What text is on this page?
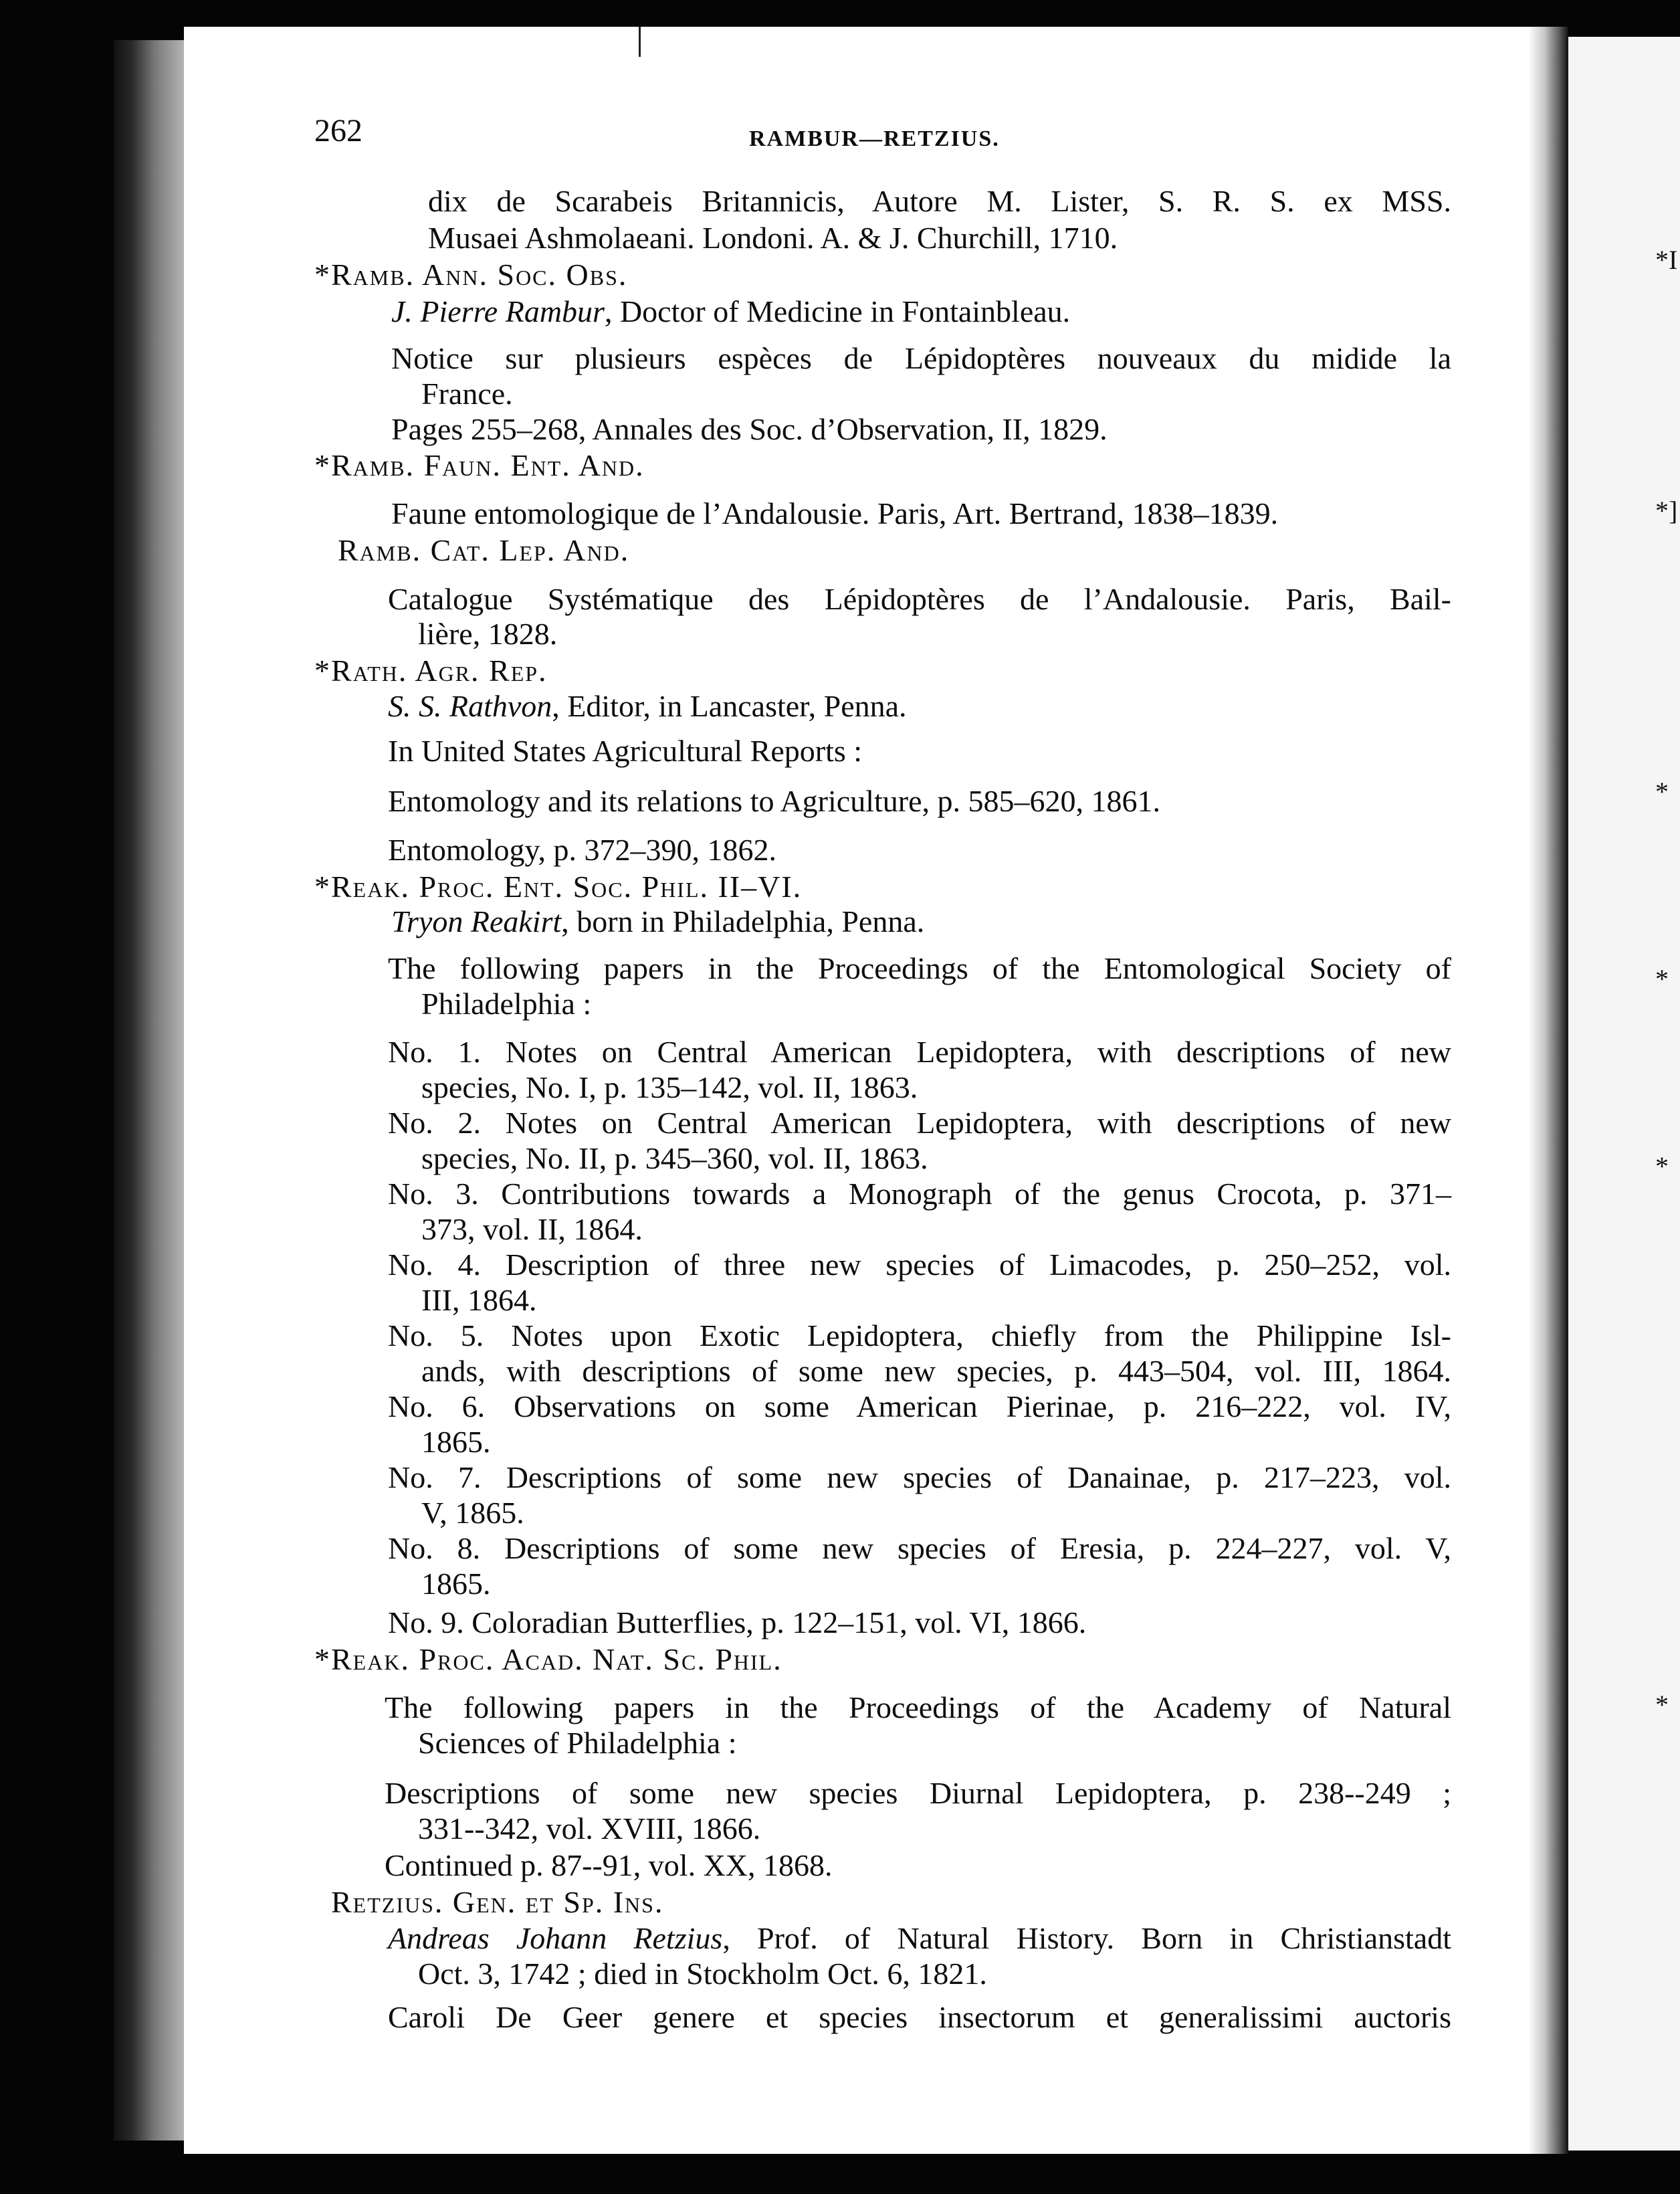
*I
*]
*
*
*
*
262	RAMBUR—RETZIUS.
dix de Scarabeis Britannicis, Autore M. Lister, S. R. S. ex MSS.
Musaei Ashmolaeani. Londoni. A. & J. Churchill, 1710.
*Ramb. Ann. Soc. Obs.
J. Pierre Rambur, Doctor of Medicine in Fontainbleau.
Notice sur plusieurs espèces de Lépidoptères nouveaux du midide la
France.
Pages 255–268, Annales des Soc. d’Observation, II, 1829.
*Ramb. Faun. Ent. And.
Faune entomologique de l’Andalousie. Paris, Art. Bertrand, 1838–1839.
Ramb. Cat. Lep. And.
Catalogue Systématique des Lépidoptères de l’Andalousie. Paris, Bail-
lière, 1828.
*Rath. Agr. Rep.
S. S. Rathvon, Editor, in Lancaster, Penna.
In United States Agricultural Reports :
Entomology and its relations to Agriculture, p. 585–620, 1861.
Entomology, p. 372–390, 1862.
*Reak. Proc. Ent. Soc. Phil. II–VI.
Tryon Reakirt, born in Philadelphia, Penna.
The following papers in the Proceedings of the Entomological Society of
Philadelphia :
No. 1. Notes on Central American Lepidoptera, with descriptions of new
species, No. I, p. 135–142, vol. II, 1863.
No. 2. Notes on Central American Lepidoptera, with descriptions of new
species, No. II, p. 345–360, vol. II, 1863.
No. 3. Contributions towards a Monograph of the genus Crocota, p. 371–
373, vol. II, 1864.
No. 4. Description of three new species of Limacodes, p. 250–252, vol.
III, 1864.
No. 5. Notes upon Exotic Lepidoptera, chiefly from the Philippine Isl-
ands, with descriptions of some new species, p. 443–504, vol. III, 1864.
No. 6. Observations on some American Pierinae, p. 216–222, vol. IV,
1865.
No. 7. Descriptions of some new species of Danainae, p. 217–223, vol.
V, 1865.
No. 8. Descriptions of some new species of Eresia, p. 224–227, vol. V,
1865.
No. 9. Coloradian Butterflies, p. 122–151, vol. VI, 1866.
*Reak. Proc. Acad. Nat. Sc. Phil.
The following papers in the Proceedings of the Academy of Natural
Sciences of Philadelphia :
Descriptions of some new species Diurnal Lepidoptera, p. 238--249 ;
331--342, vol. XVIII, 1866.
Continued p. 87--91, vol. XX, 1868.
Retzius. Gen. et Sp. Ins.
Andreas Johann Retzius, Prof. of Natural History. Born in Christianstadt
Oct. 3, 1742 ; died in Stockholm Oct. 6, 1821.
Caroli De Geer genere et species insectorum et generalissimi auctoris
